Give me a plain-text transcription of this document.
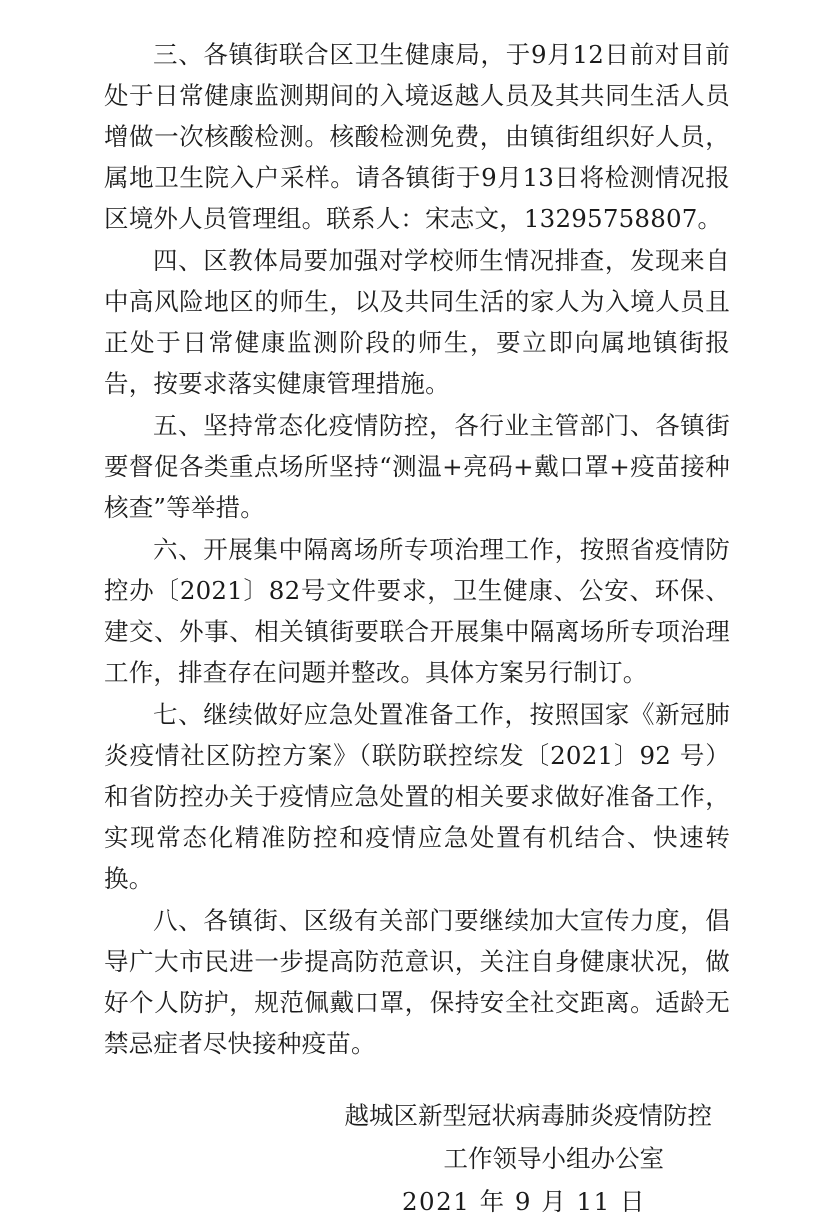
三、各镇街联合区卫生健康局，于9月12日前对目前处于日常健康监测期间的入境返越人员及其共同生活人员增做一次核酸检测。核酸检测免费，由镇街组织好人员，属地卫生院入户采样。请各镇街于9月13日将检测情况报区境外人员管理组。联系人：宋志文，13295758807。

四、区教体局要加强对学校师生情况排查，发现来自中高风险地区的师生，以及共同生活的家人为入境人员且正处于日常健康监测阶段的师生，要立即向属地镇街报告，按要求落实健康管理措施。

五、坚持常态化疫情防控，各行业主管部门、各镇街要督促各类重点场所坚持“测温+亮码+戴口罩+疫苗接种核查”等举措。

六、开展集中隔离场所专项治理工作，按照省疫情防控办〔2021〕82号文件要求，卫生健康、公安、环保、建交、外事、相关镇街要联合开展集中隔离场所专项治理工作，排查存在问题并整改。具体方案另行制订。

七、继续做好应急处置准备工作，按照国家《新冠肺炎疫情社区防控方案》（联防联控综发〔2021〕92 号）和省防控办关于疫情应急处置的相关要求做好准备工作，实现常态化精准防控和疫情应急处置有机结合、快速转换。

八、各镇街、区级有关部门要继续加大宣传力度，倡导广大市民进一步提高防范意识，关注自身健康状况，做好个人防护，规范佩戴口罩，保持安全社交距离。适龄无禁忌症者尽快接种疫苗。

越城区新型冠状病毒肺炎疫情防控
工作领导小组办公室
2021 年 9 月 11 日
